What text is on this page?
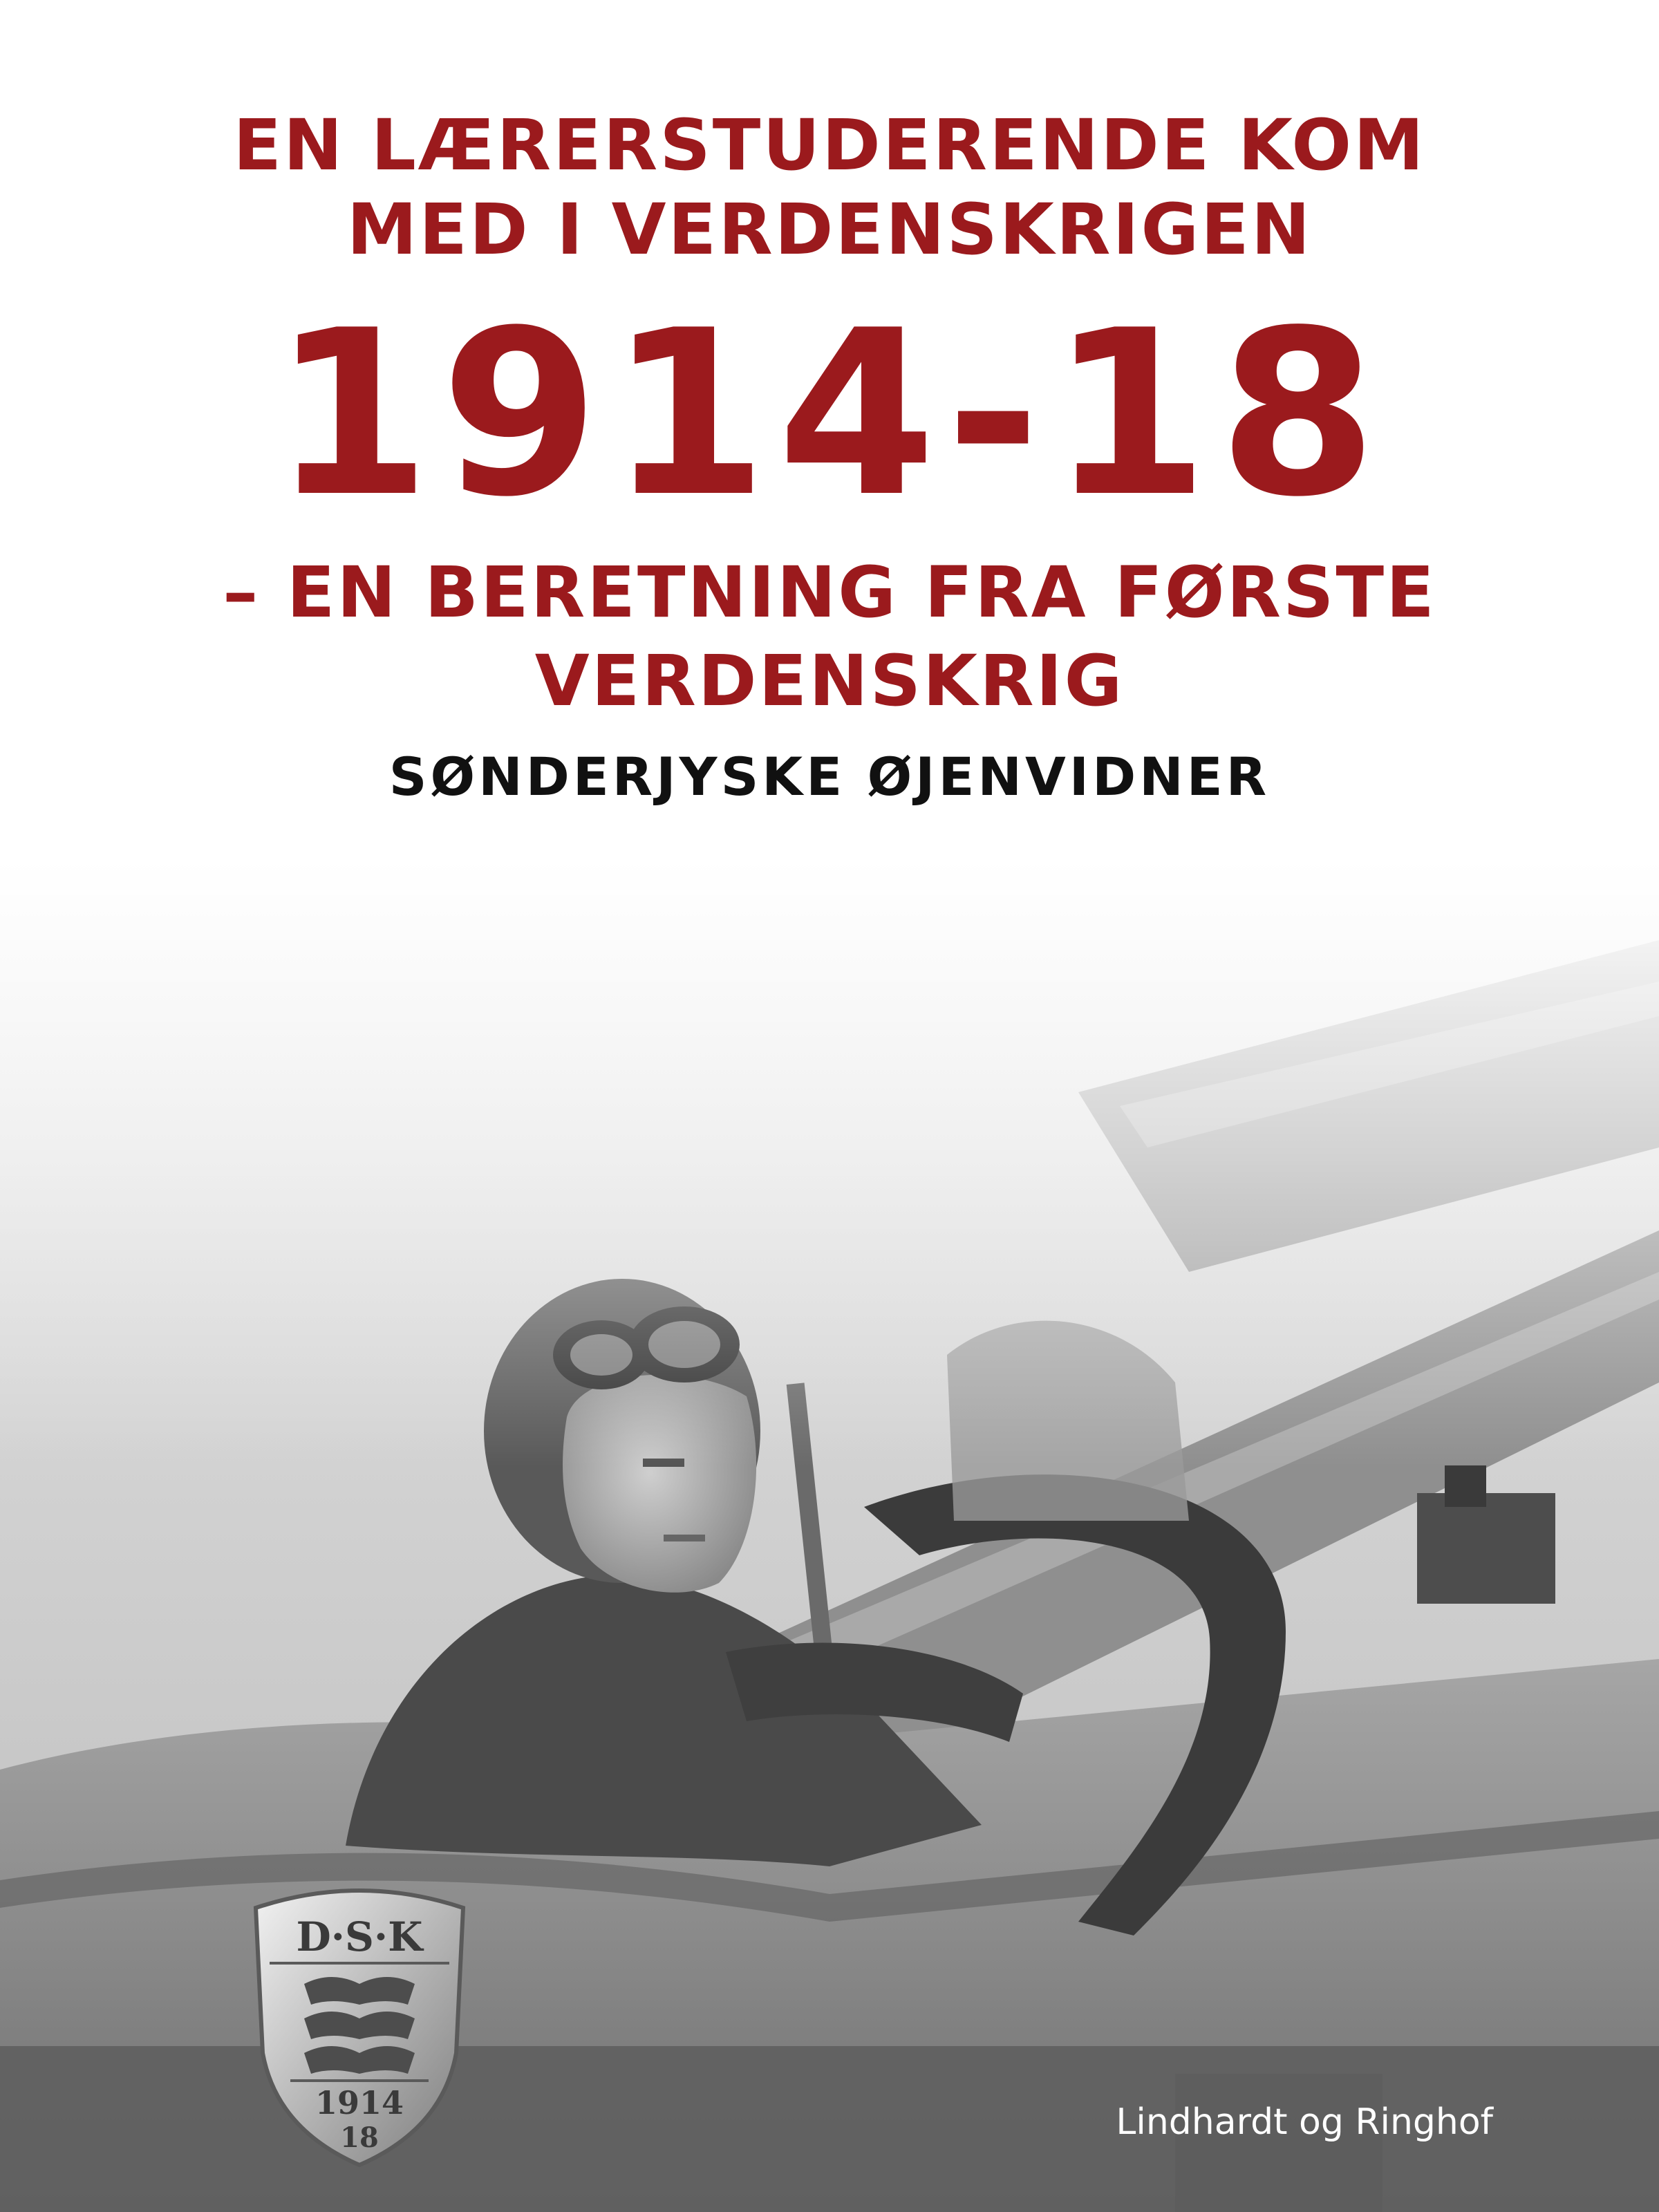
EN LÆRERSTUDERENDE KOM

MED I VERDENSKRIGEN

1914-18

– EN BERETNING FRA FØRSTE

VERDENSKRIG

SØNDERJYSKE ØJENVIDNER

D·S·K
1914
18	Lindhardt og Ringhof
